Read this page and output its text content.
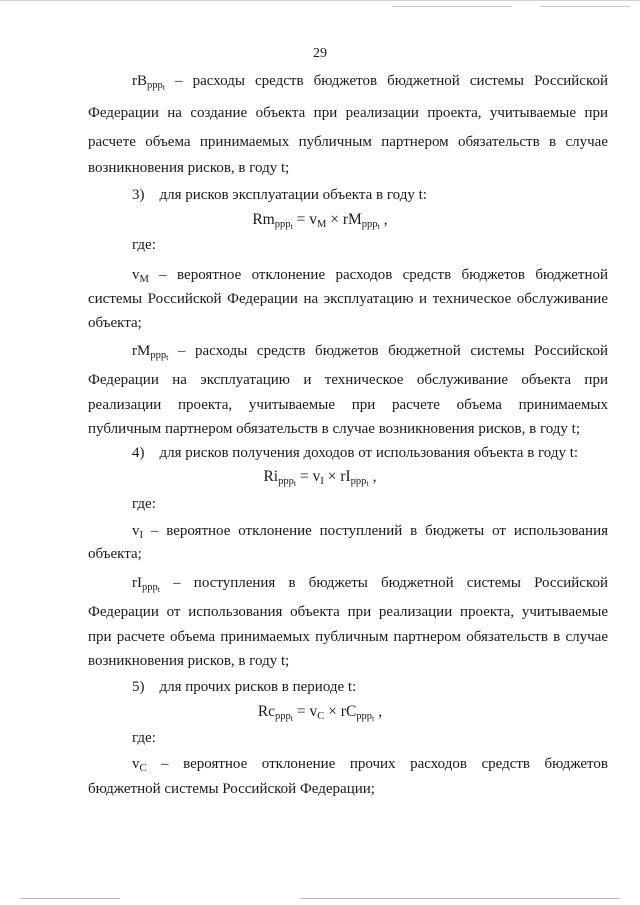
29
$rB_{ppp_t}$ – расходы средств бюджетов бюджетной системы Российской
Федерации на создание объекта при реализации проекта, учитываемые при
расчете объема принимаемых публичным партнером обязательств в случае
возникновения рисков, в году t;
3) для рисков эксплуатации объекта в году t:
$Rm_{ppp_t} = v_M \times rM_{ppp_t}$ ,
где:
$v_M$ – вероятное отклонение расходов средств бюджетов бюджетной
системы Российской Федерации на эксплуатацию и техническое обслуживание
объекта;
$rM_{ppp_t}$ – расходы средств бюджетов бюджетной системы Российской
Федерации на эксплуатацию и техническое обслуживание объекта при
реализации проекта, учитываемые при расчете объема принимаемых
публичным партнером обязательств в случае возникновения рисков, в году t;
4) для рисков получения доходов от использования объекта в году t:
$Ri_{ppp_t} = v_I \times rI_{ppp_t}$ ,
где:
$v_I$ – вероятное отклонение поступлений в бюджеты от использования
объекта;
$rI_{ppp_t}$ – поступления в бюджеты бюджетной системы Российской
Федерации от использования объекта при реализации проекта, учитываемые
при расчете объема принимаемых публичным партнером обязательств в случае
возникновения рисков, в году t;
5) для прочих рисков в периоде t:
$Rc_{ppp_t} = v_C \times rC_{ppp_t}$ ,
где:
$v_C$ – вероятное отклонение прочих расходов средств бюджетов
бюджетной системы Российской Федерации;
